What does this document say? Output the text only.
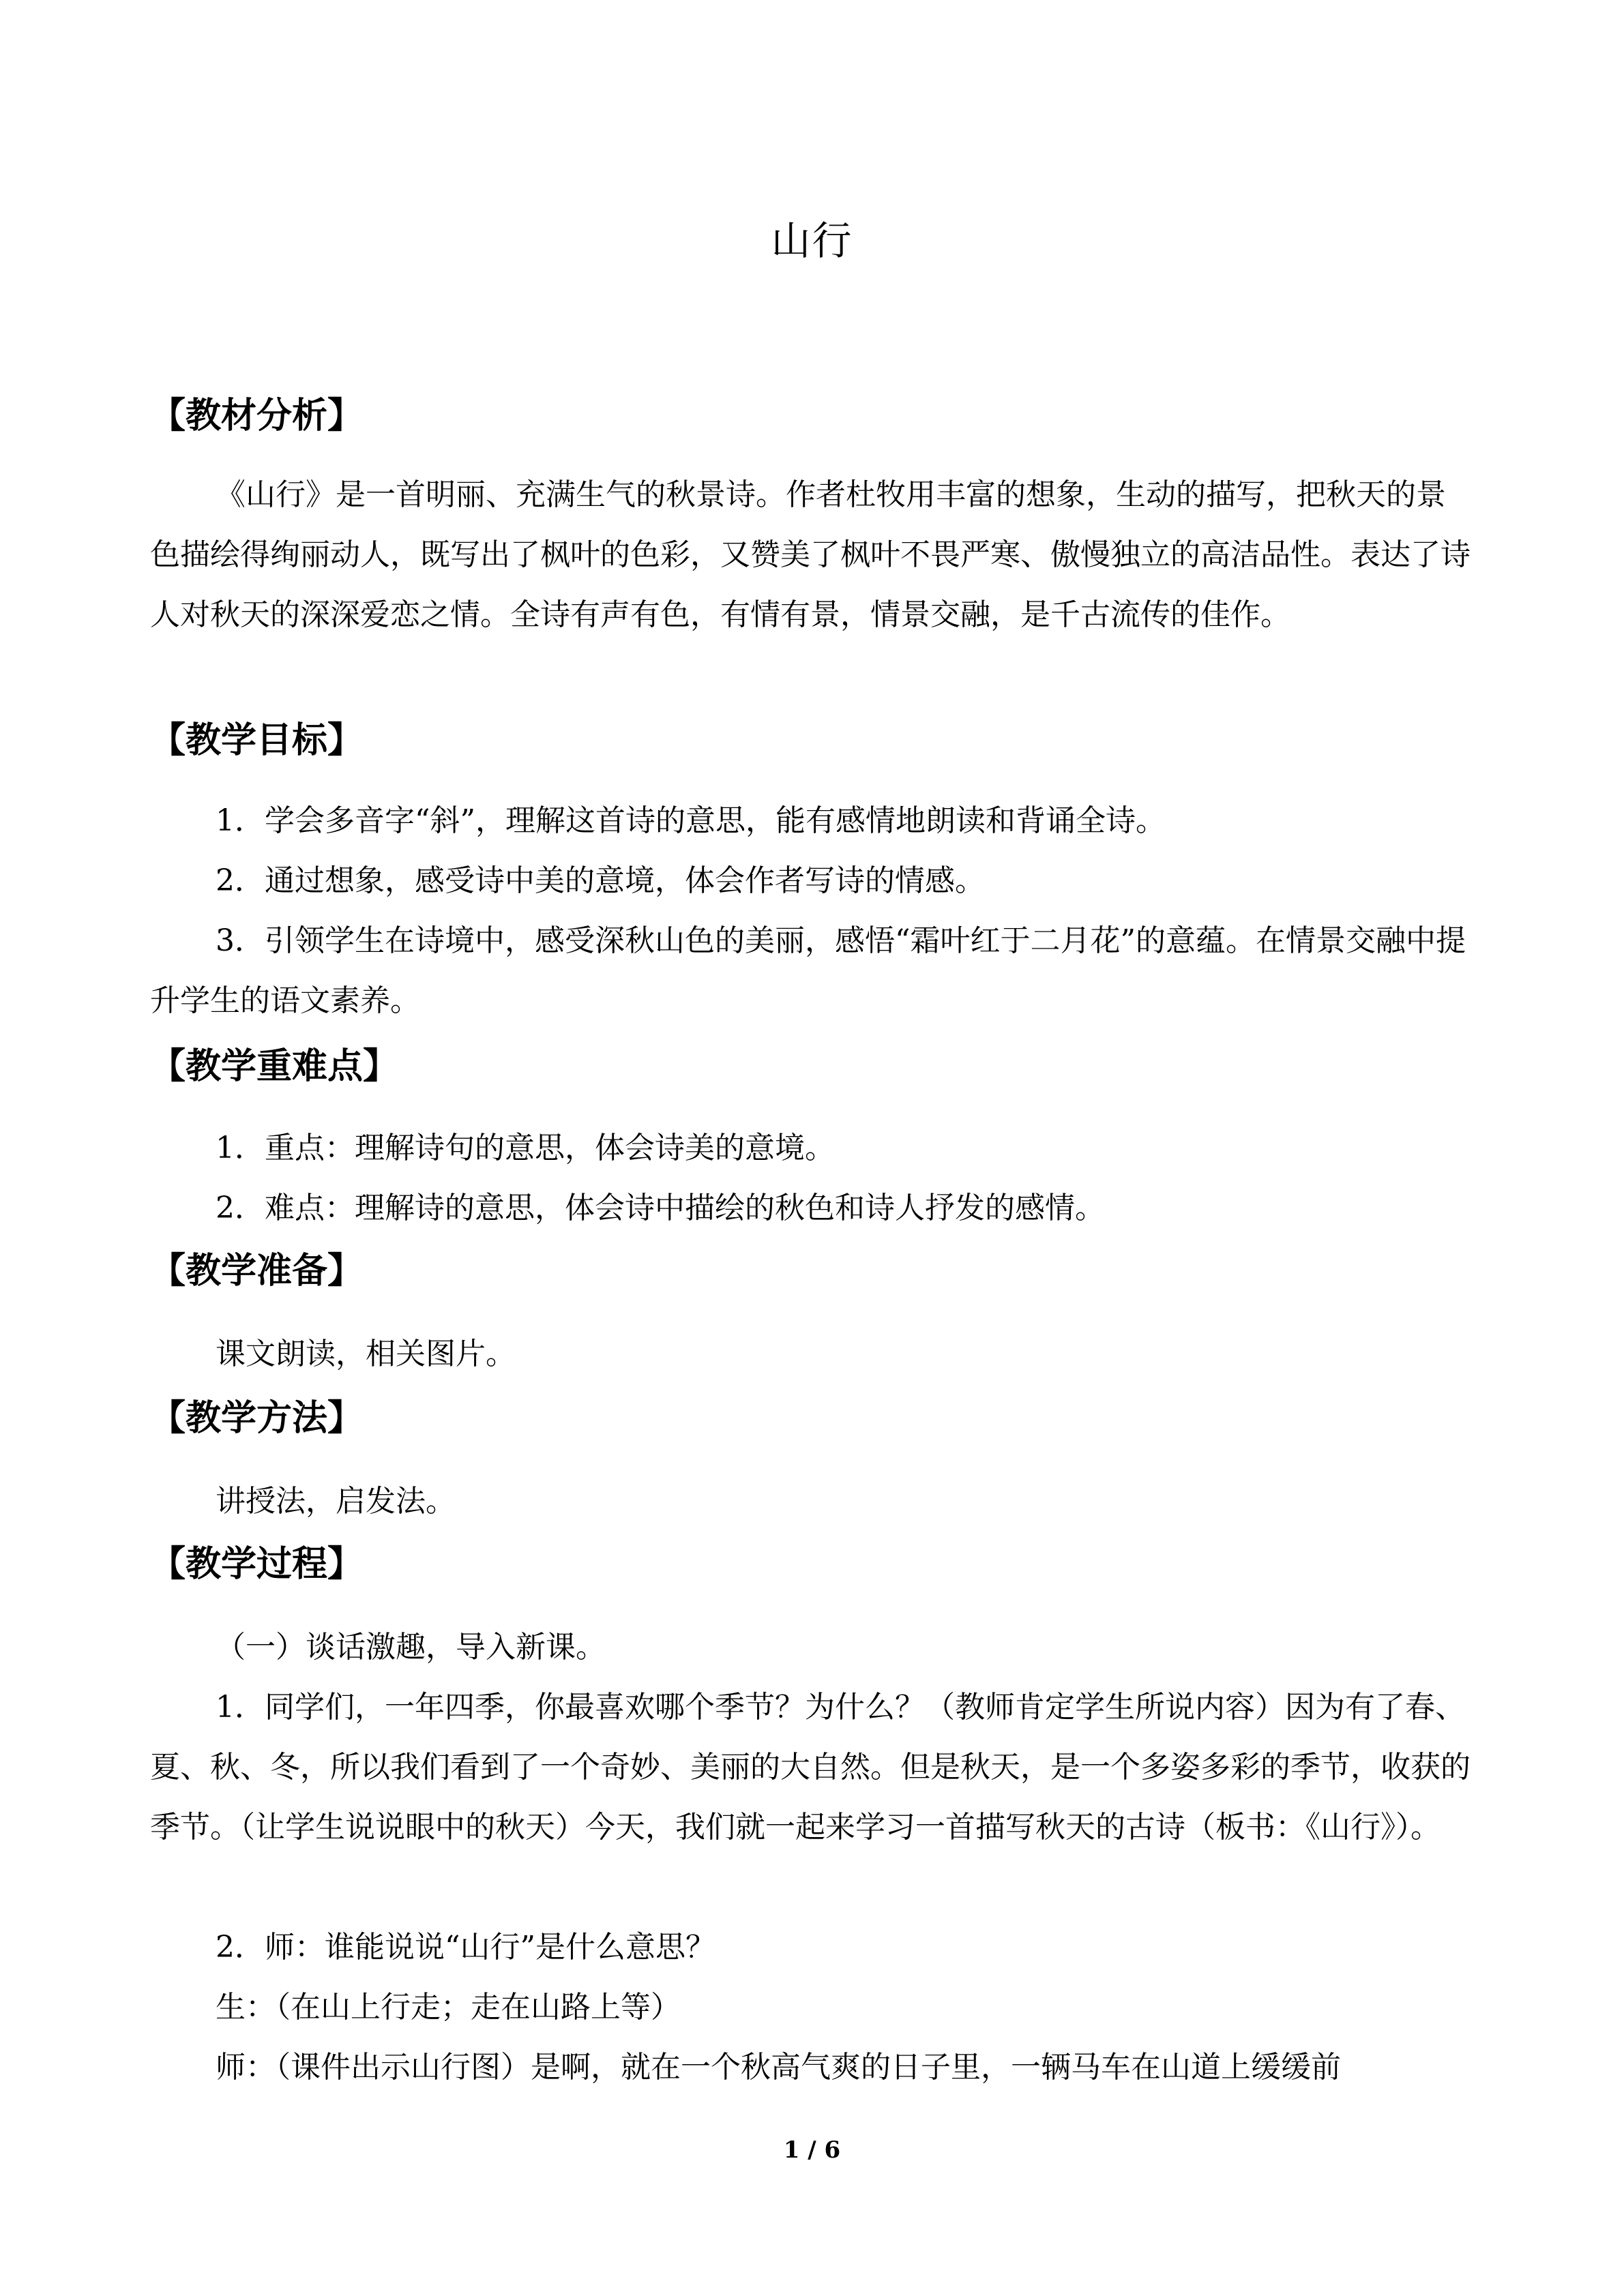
山行
【教材分析】
《山行》是一首明丽、充满生气的秋景诗。作者杜牧用丰富的想象，生动的描写，把秋天的景色描绘得绚丽动人，既写出了枫叶的色彩，又赞美了枫叶不畏严寒、傲慢独立的高洁品性。表达了诗人对秋天的深深爱恋之情。全诗有声有色，有情有景，情景交融，是千古流传的佳作。
【教学目标】
1．学会多音字“斜”，理解这首诗的意思，能有感情地朗读和背诵全诗。
2．通过想象，感受诗中美的意境，体会作者写诗的情感。
3．引领学生在诗境中，感受深秋山色的美丽，感悟“霜叶红于二月花”的意蕴。在情景交融中提升学生的语文素养。
【教学重难点】
1．重点：理解诗句的意思，体会诗美的意境。
2．难点：理解诗的意思，体会诗中描绘的秋色和诗人抒发的感情。
【教学准备】
课文朗读，相关图片。
【教学方法】
讲授法，启发法。
【教学过程】
（一）谈话激趣，导入新课。
1．同学们，一年四季，你最喜欢哪个季节？为什么？（教师肯定学生所说内容）因为有了春、夏、秋、冬，所以我们看到了一个奇妙、美丽的大自然。但是秋天，是一个多姿多彩的季节，收获的季节。（让学生说说眼中的秋天）今天，我们就一起来学习一首描写秋天的古诗（板书：《山行》）。
2．师：谁能说说“山行”是什么意思？
生：（在山上行走；走在山路上等）
师：（课件出示山行图）是啊，就在一个秋高气爽的日子里，一辆马车在山道上缓缓前
1 / 6
